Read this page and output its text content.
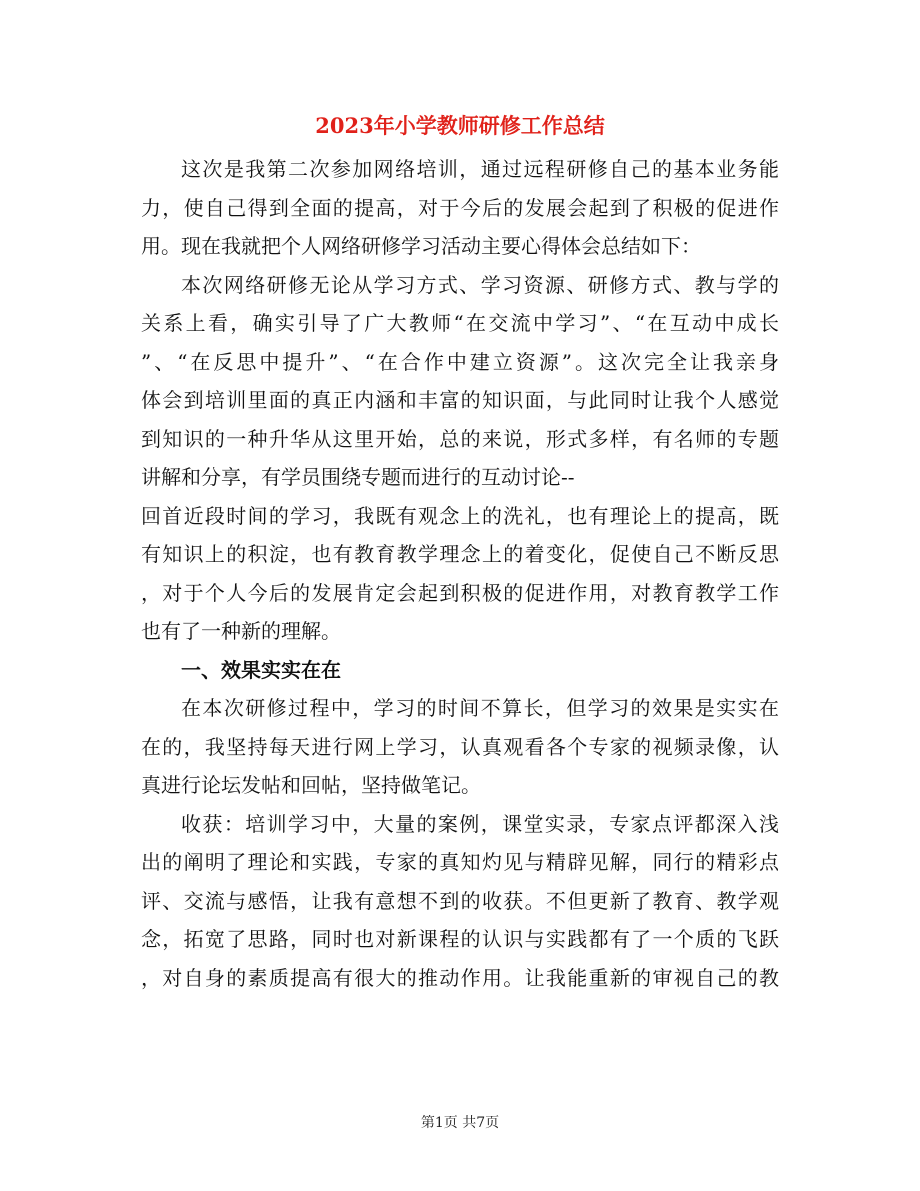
2023年小学教师研修工作总结
这次是我第二次参加网络培训，通过远程研修自己的基本业务能
力，使自己得到全面的提高，对于今后的发展会起到了积极的促进作
用。现在我就把个人网络研修学习活动主要心得体会总结如下：
本次网络研修无论从学习方式、学习资源、研修方式、教与学的
关系上看，确实引导了广大教师“在交流中学习”、“在互动中成长
”、“在反思中提升”、“在合作中建立资源”。这次完全让我亲身
体会到培训里面的真正内涵和丰富的知识面，与此同时让我个人感觉
到知识的一种升华从这里开始，总的来说，形式多样，有名师的专题
讲解和分享，有学员围绕专题而进行的互动讨论--
回首近段时间的学习，我既有观念上的洗礼，也有理论上的提高，既
有知识上的积淀，也有教育教学理念上的着变化，促使自己不断反思
，对于个人今后的发展肯定会起到积极的促进作用，对教育教学工作
也有了一种新的理解。
一、效果实实在在
在本次研修过程中，学习的时间不算长，但学习的效果是实实在
在的，我坚持每天进行网上学习，认真观看各个专家的视频录像，认
真进行论坛发帖和回帖，坚持做笔记。
收获：培训学习中，大量的案例，课堂实录，专家点评都深入浅
出的阐明了理论和实践，专家的真知灼见与精辟见解，同行的精彩点
评、交流与感悟，让我有意想不到的收获。不但更新了教育、教学观
念，拓宽了思路，同时也对新课程的认识与实践都有了一个质的飞跃
，对自身的素质提高有很大的推动作用。让我能重新的审视自己的教
第1页 共7页
